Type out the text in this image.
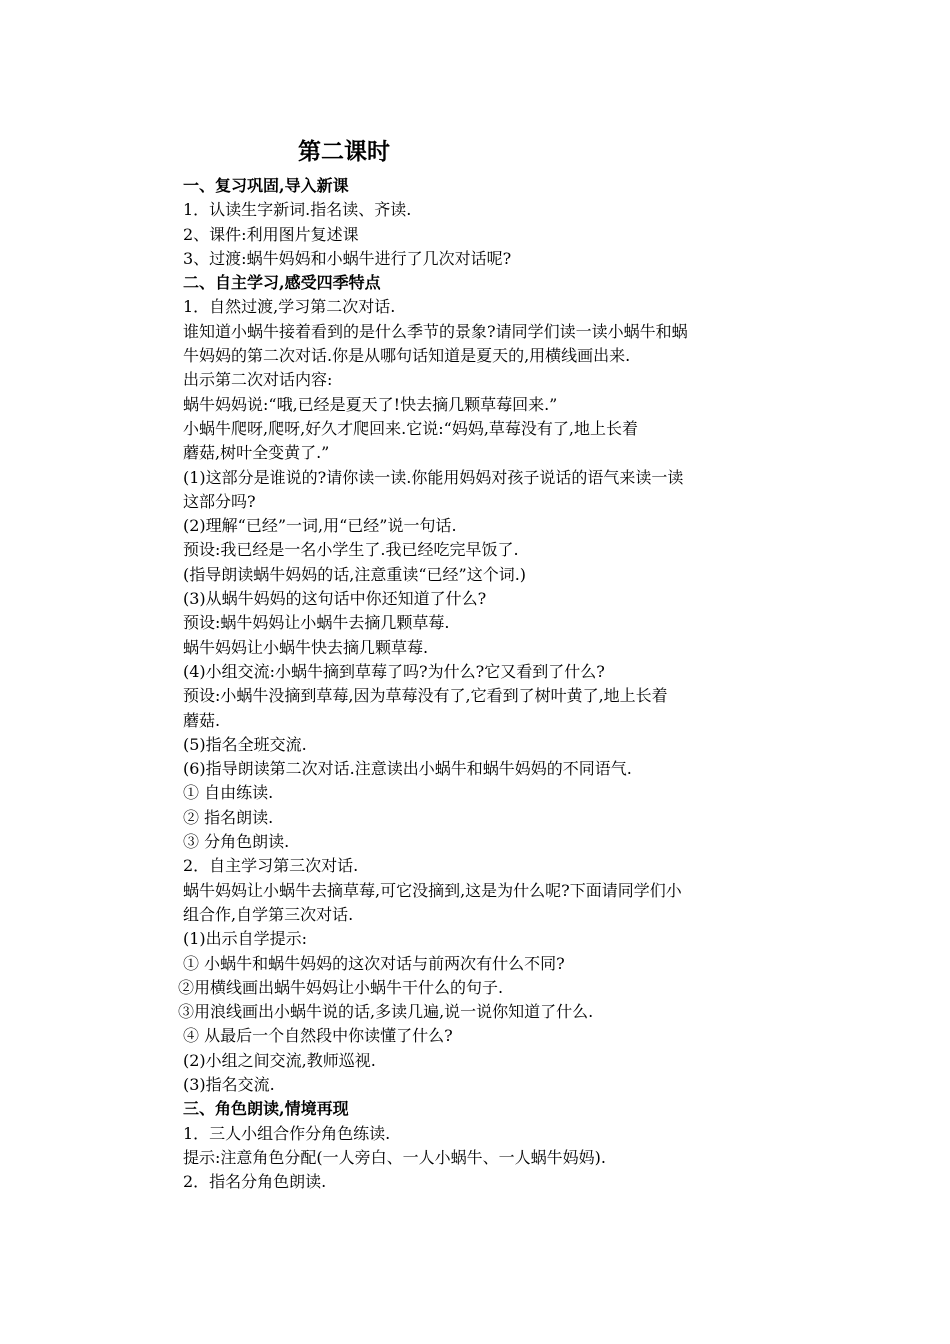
第二课时
一、复习巩固,导入新课
1．认读生字新词.指名读、齐读.
2、课件:利用图片复述课
3、过渡:蜗牛妈妈和小蜗牛进行了几次对话呢?
二、自主学习,感受四季特点
1．自然过渡,学习第二次对话.
谁知道小蜗牛接着看到的是什么季节的景象?请同学们读一读小蜗牛和蜗
牛妈妈的第二次对话.你是从哪句话知道是夏天的,用横线画出来.
出示第二次对话内容:
蜗牛妈妈说:“哦,已经是夏天了!快去摘几颗草莓回来.”
小蜗牛爬呀,爬呀,好久才爬回来.它说:“妈妈,草莓没有了,地上长着
蘑菇,树叶全变黄了.”
(1)这部分是谁说的?请你读一读.你能用妈妈对孩子说话的语气来读一读
这部分吗?
(2)理解“已经”一词,用“已经”说一句话.
预设:我已经是一名小学生了.我已经吃完早饭了.
(指导朗读蜗牛妈妈的话,注意重读“已经”这个词.)
(3)从蜗牛妈妈的这句话中你还知道了什么?
预设:蜗牛妈妈让小蜗牛去摘几颗草莓.
蜗牛妈妈让小蜗牛快去摘几颗草莓.
(4)小组交流:小蜗牛摘到草莓了吗?为什么?它又看到了什么?
预设:小蜗牛没摘到草莓,因为草莓没有了,它看到了树叶黄了,地上长着
蘑菇.
(5)指名全班交流.
(6)指导朗读第二次对话.注意读出小蜗牛和蜗牛妈妈的不同语气.
① 自由练读.
② 指名朗读.
③ 分角色朗读.
2．自主学习第三次对话.
蜗牛妈妈让小蜗牛去摘草莓,可它没摘到,这是为什么呢?下面请同学们小
组合作,自学第三次对话.
(1)出示自学提示:
① 小蜗牛和蜗牛妈妈的这次对话与前两次有什么不同?
②用横线画出蜗牛妈妈让小蜗牛干什么的句子.
③用浪线画出小蜗牛说的话,多读几遍,说一说你知道了什么.
④ 从最后一个自然段中你读懂了什么?
(2)小组之间交流,教师巡视.
(3)指名交流.
三、角色朗读,情境再现
1．三人小组合作分角色练读.
提示:注意角色分配(一人旁白、一人小蜗牛、一人蜗牛妈妈).
2．指名分角色朗读.
